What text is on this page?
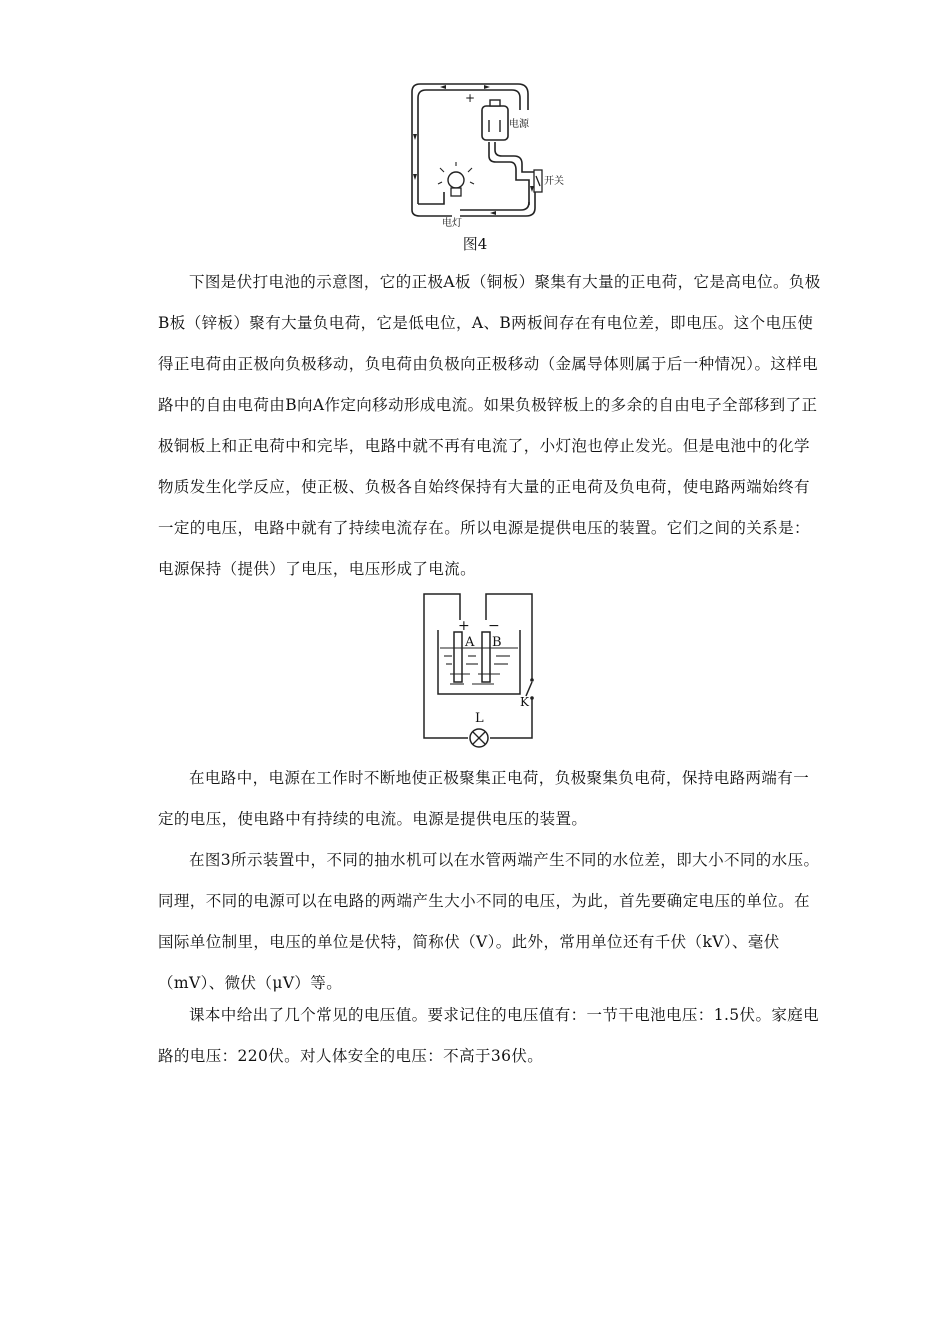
+
电源
开关
电灯
图4

下图是伏打电池的示意图，它的正极A板（铜板）聚集有大量的正电荷，它是高电位。负极B板（锌板）聚有大量负电荷，它是低电位，A、B两板间存在有电位差，即电压。这个电压使得正电荷由正极向负极移动，负电荷由负极向正极移动（金属导体则属于后一种情况）。这样电路中的自由电荷由B向A作定向移动形成电流。如果负极锌板上的多余的自由电子全部移到了正极铜板上和正电荷中和完毕，电路中就不再有电流了，小灯泡也停止发光。但是电池中的化学物质发生化学反应，使正极、负极各自始终保持有大量的正电荷及负电荷，使电路两端始终有一定的电压，电路中就有了持续电流存在。所以电源是提供电压的装置。它们之间的关系是：电源保持（提供）了电压，电压形成了电流。

+ −
A B
K
L

在电路中，电源在工作时不断地使正极聚集正电荷，负极聚集负电荷，保持电路两端有一定的电压，使电路中有持续的电流。电源是提供电压的装置。

在图3所示装置中，不同的抽水机可以在水管两端产生不同的水位差，即大小不同的水压。同理，不同的电源可以在电路的两端产生大小不同的电压，为此，首先要确定电压的单位。在国际单位制里，电压的单位是伏特，简称伏（V）。此外，常用单位还有千伏（kV）、毫伏（mV）、微伏（μV）等。

课本中给出了几个常见的电压值。要求记住的电压值有：一节干电池电压：1.5伏。家庭电路的电压：220伏。对人体安全的电压：不高于36伏。
